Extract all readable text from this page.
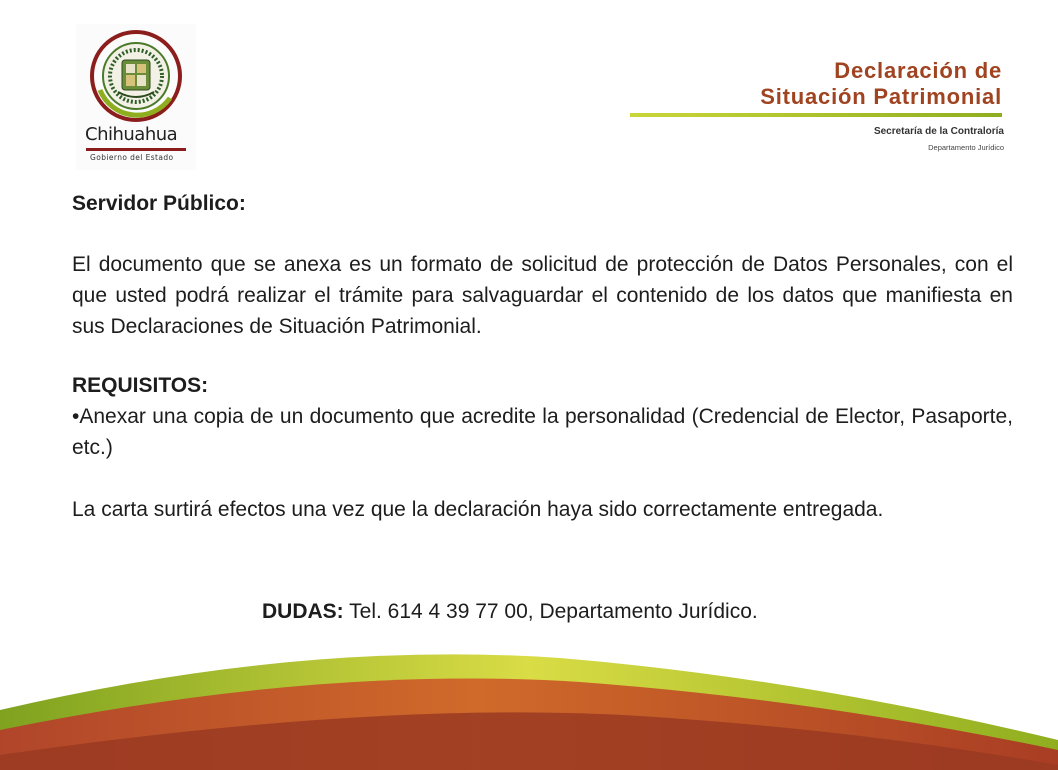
Chihuahua
Gobierno del Estado
Declaración de
Situación Patrimonial
Secretaría de la Contraloría
Departamento Jurídico

Servidor Público:

El documento que se anexa es un formato de solicitud de protección de Datos Personales, con el que usted podrá realizar el trámite para salvaguardar el contenido de los datos que manifiesta en sus Declaraciones de Situación Patrimonial.

REQUISITOS:

•Anexar una copia de un documento que acredite la personalidad (Credencial de Elector, Pasaporte, etc.)

La carta surtirá efectos una vez que la declaración haya sido correctamente entregada.

DUDAS: Tel. 614 4 39 77 00, Departamento Jurídico.
